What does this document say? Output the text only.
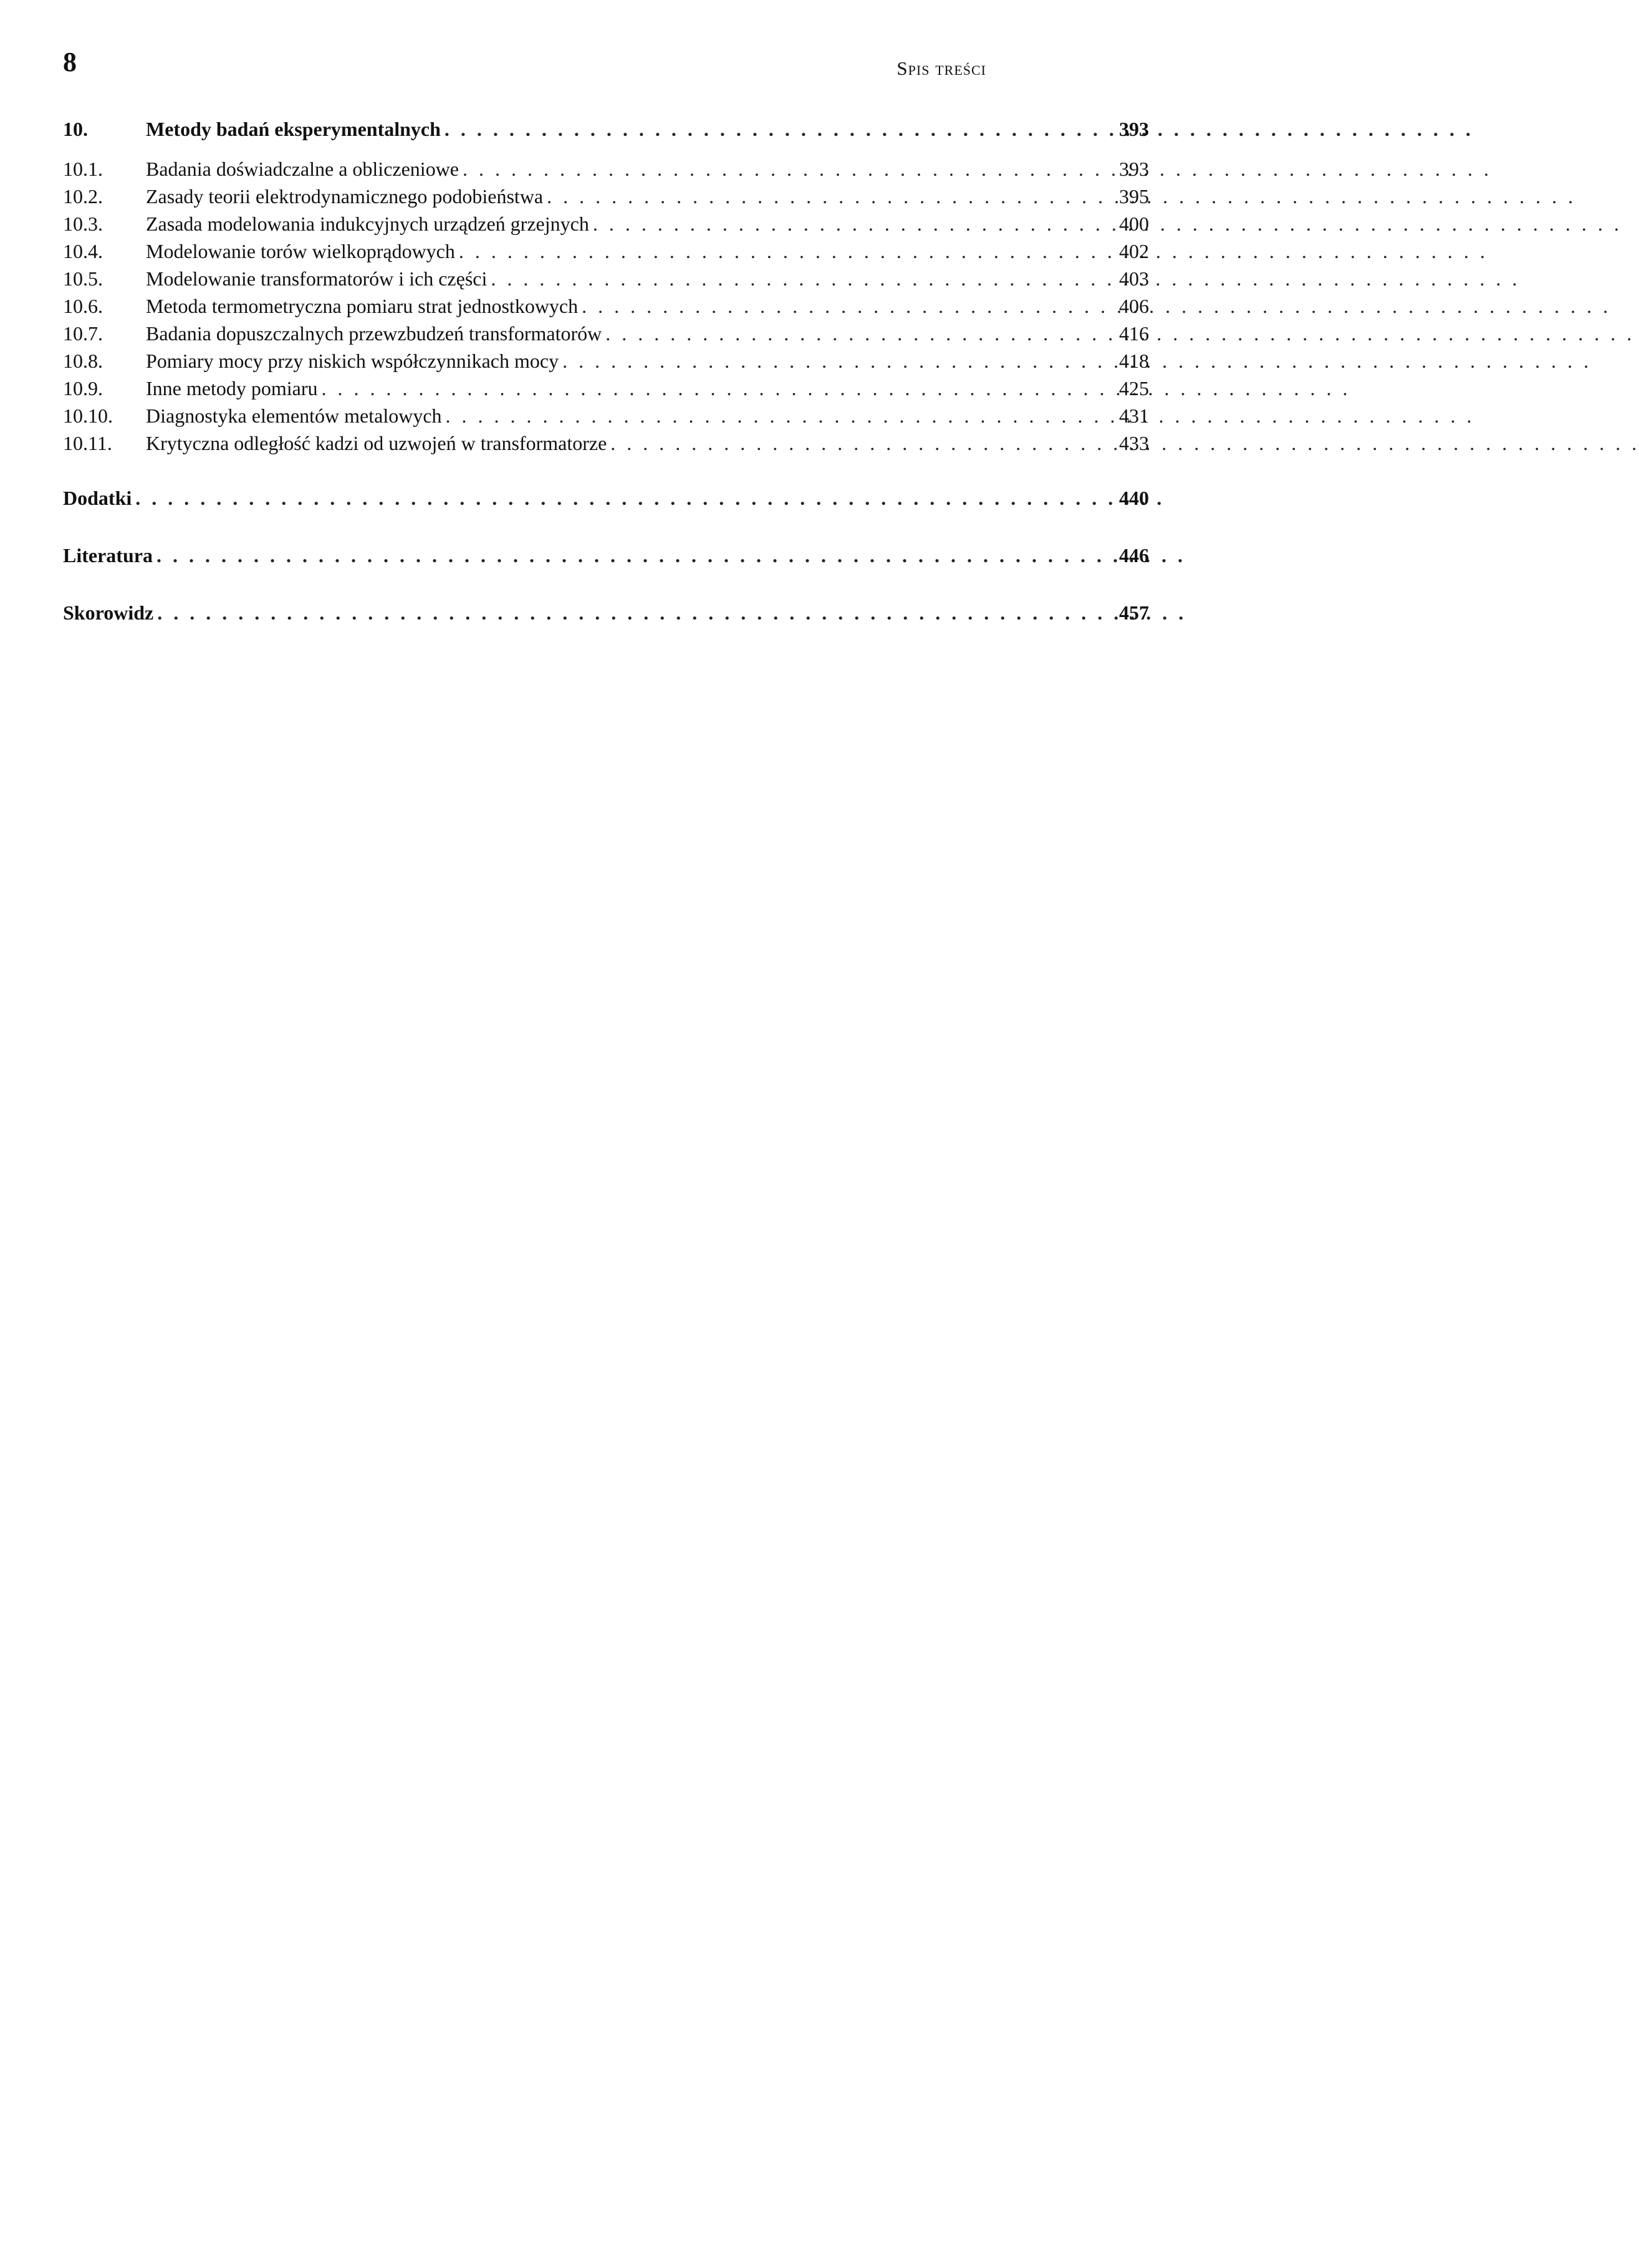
8	Spis treści
10.	Metody badań eksperymentalnych . . .	393
10.1.	Badania doświadczalne a obliczeniowe . . .	393
10.2.	Zasady teorii elektrodynamicznego podobieństwa . . .	395
10.3.	Zasada modelowania indukcyjnych urządzeń grzejnych . . .	400
10.4.	Modelowanie torów wielkoprądowych . . .	402
10.5.	Modelowanie transformatorów i ich części . . .	403
10.6.	Metoda termometryczna pomiaru strat jednostkowych . . .	406
10.7.	Badania dopuszczalnych przewzbudzeń transformatorów . . .	416
10.8.	Pomiary mocy przy niskich współczynnikach mocy . . .	418
10.9.	Inne metody pomiaru . . .	425
10.10.	Diagnostyka elementów metalowych . . .	431
10.11.	Krytyczna odległość kadzi od uzwojeń w transformatorze . . .	433
Dodatki . . .	440
Literatura . . .	446
Skorowidz . . .	457
